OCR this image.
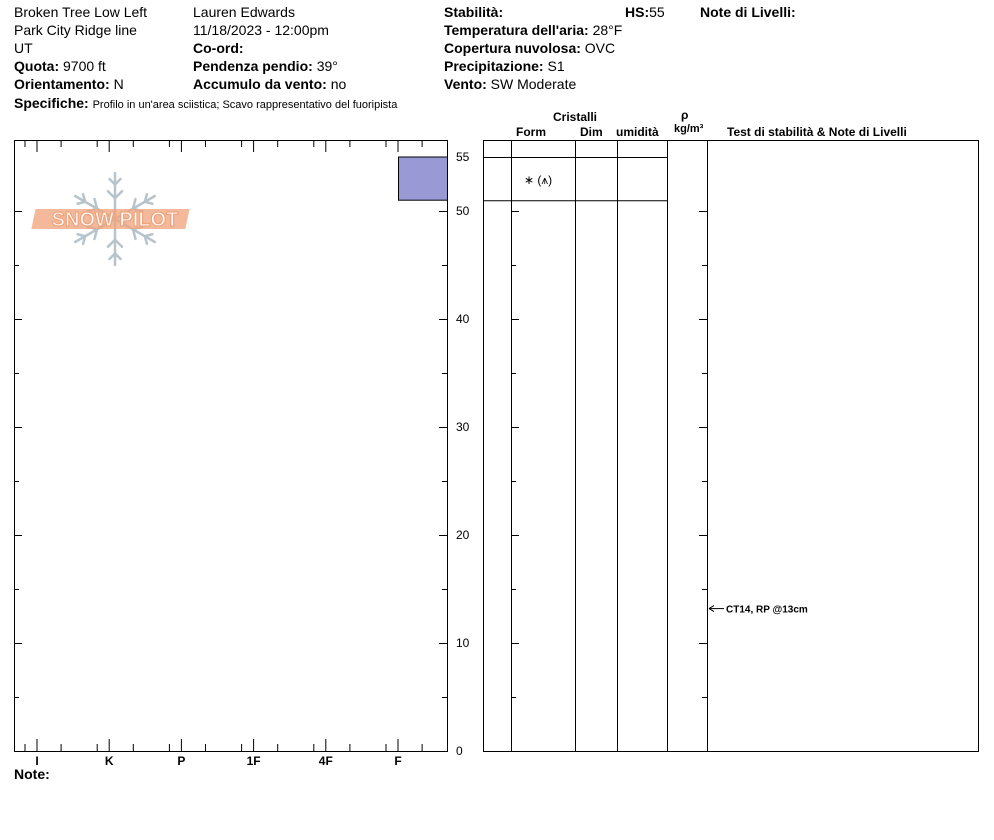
Broken Tree Low Left
Park City Ridge line
UT
Quota: 9700 ft
Orientamento: N
Specifiche: Profilo in un'area sciistica; Scavo rappresentativo del fuoripista
Lauren Edwards
11/18/2023 - 12:00pm
Co-ord:
Pendenza pendio: 39°
Accumulo da vento: no
Stabilità:	HS:55
Temperatura dell'aria: 28°F
Copertura nuvolosa: OVC
Precipitazione: S1
Vento: SW Moderate
Note di Livelli:
Cristalli
Form	Dim umidità
ρ
kg/m³ Test di stabilità & Note di Livelli
Note:
SNOW PILOT
I	K	P	1F	4F	F
0
10
20
30
40
50
55
∗ (⩚)
CT14, RP @13cm
